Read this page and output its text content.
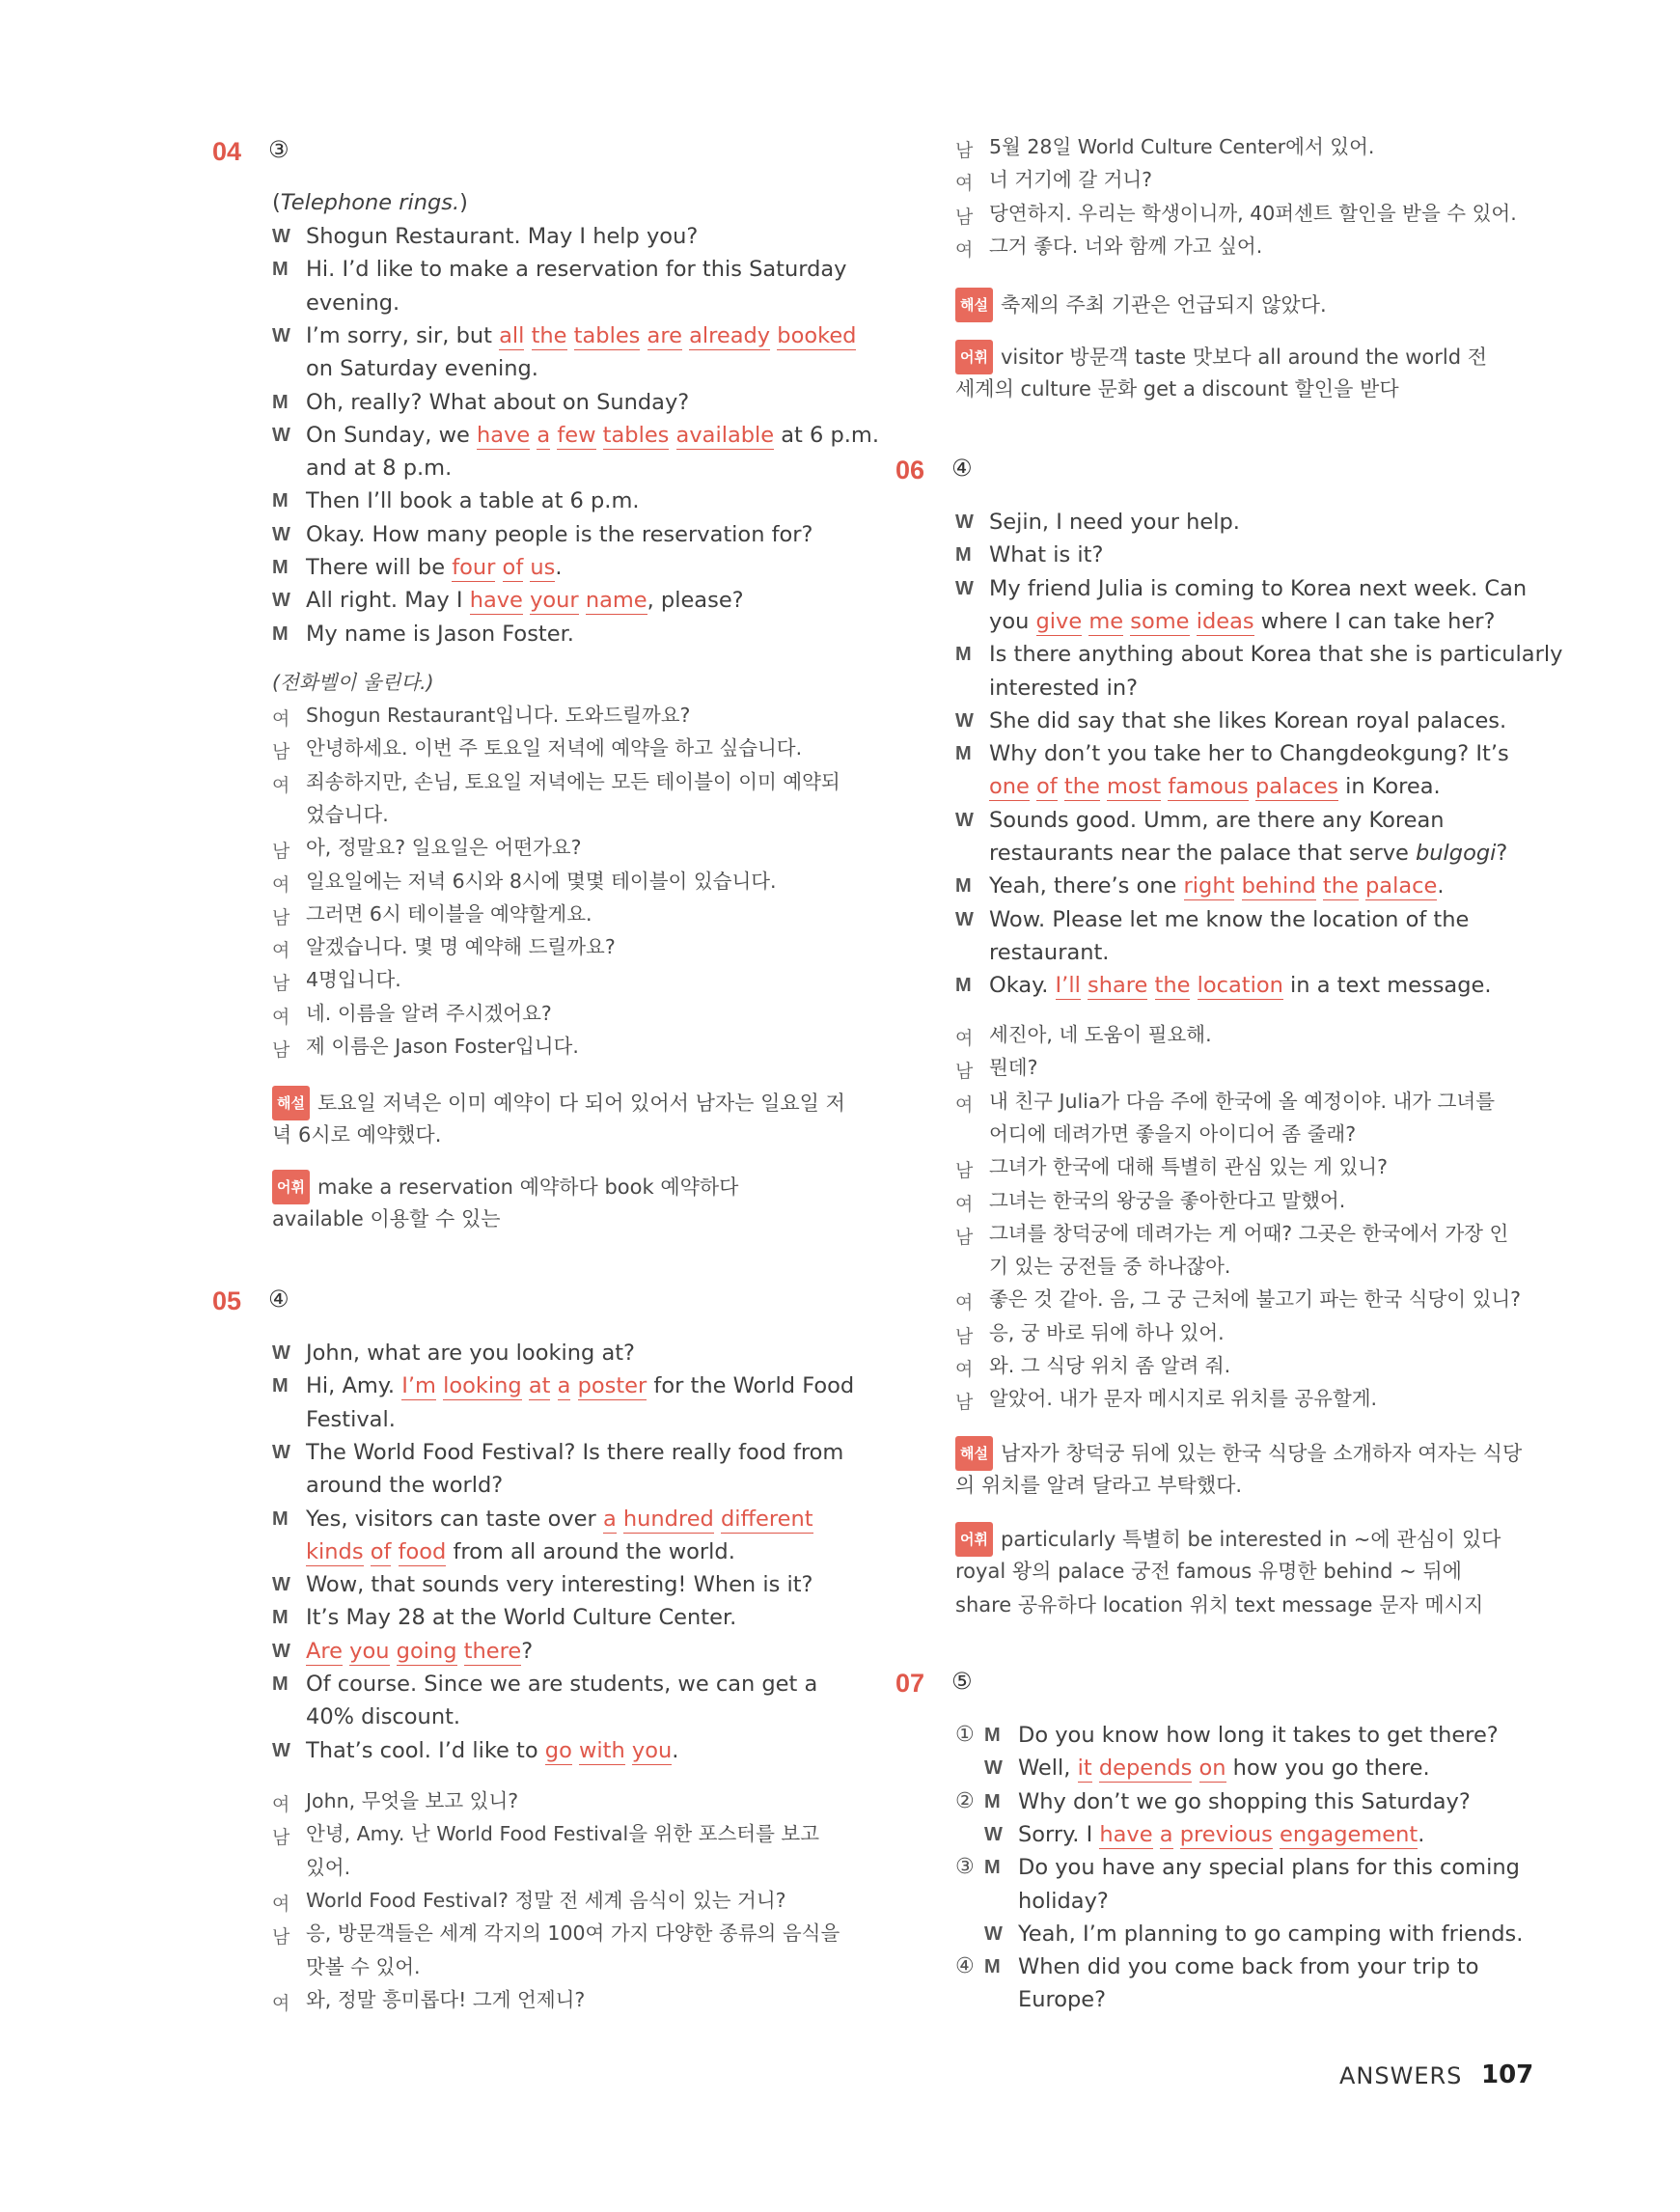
04 ③
(Telephone rings.)
W Shogun Restaurant. May I help you?
M Hi. I’d like to make a reservation for this Saturday
evening.
W I’m sorry, sir, but all the tables are already booked
on Saturday evening.
M Oh, really? What about on Sunday?
W On Sunday, we have a few tables available at 6 p.m.
and at 8 p.m.
M Then I’ll book a table at 6 p.m.
W Okay. How many people is the reservation for?
M There will be four of us.
W All right. May I have your name, please?
M My name is Jason Foster.
(전화벨이 울린다.)
여 Shogun Restaurant입니다. 도와드릴까요?
남 안녕하세요. 이번 주 토요일 저녁에 예약을 하고 싶습니다.
여 죄송하지만, 손님, 토요일 저녁에는 모든 테이블이 이미 예약되
었습니다.
남 아, 정말요? 일요일은 어떤가요?
여 일요일에는 저녁 6시와 8시에 몇몇 테이블이 있습니다.
남 그러면 6시 테이블을 예약할게요.
여 알겠습니다. 몇 명 예약해 드릴까요?
남 4명입니다.
여 네. 이름을 알려 주시겠어요?
남 제 이름은 Jason Foster입니다.
해설 토요일 저녁은 이미 예약이 다 되어 있어서 남자는 일요일 저
녁 6시로 예약했다.
어휘 make a reservation 예약하다 book 예약하다
available 이용할 수 있는
05 ④
W John, what are you looking at?
M Hi, Amy. I’m looking at a poster for the World Food
Festival.
W The World Food Festival? Is there really food from
around the world?
M Yes, visitors can taste over a hundred different
kinds of food from all around the world.
W Wow, that sounds very interesting! When is it?
M It’s May 28 at the World Culture Center.
W Are you going there?
M Of course. Since we are students, we can get a
40% discount.
W That’s cool. I’d like to go with you.
여 John, 무엇을 보고 있니?
남 안녕, Amy. 난 World Food Festival을 위한 포스터를 보고
있어.
여 World Food Festival? 정말 전 세계 음식이 있는 거니?
남 응, 방문객들은 세계 각지의 100여 가지 다양한 종류의 음식을
맛볼 수 있어.
여 와, 정말 흥미롭다! 그게 언제니?
남 5월 28일 World Culture Center에서 있어.
여 너 거기에 갈 거니?
남 당연하지. 우리는 학생이니까, 40퍼센트 할인을 받을 수 있어.
여 그거 좋다. 너와 함께 가고 싶어.
해설 축제의 주최 기관은 언급되지 않았다.
어휘 visitor 방문객 taste 맛보다 all around the world 전
세계의 culture 문화 get a discount 할인을 받다
06 ④
W Sejin, I need your help.
M What is it?
W My friend Julia is coming to Korea next week. Can
you give me some ideas where I can take her?
M Is there anything about Korea that she is particularly
interested in?
W She did say that she likes Korean royal palaces.
M Why don’t you take her to Changdeokgung? It’s
one of the most famous palaces in Korea.
W Sounds good. Umm, are there any Korean
restaurants near the palace that serve bulgogi?
M Yeah, there’s one right behind the palace.
W Wow. Please let me know the location of the
restaurant.
M Okay. I’ll share the location in a text message.
여 세진아, 네 도움이 필요해.
남 뭔데?
여 내 친구 Julia가 다음 주에 한국에 올 예정이야. 내가 그녀를
어디에 데려가면 좋을지 아이디어 좀 줄래?
남 그녀가 한국에 대해 특별히 관심 있는 게 있니?
여 그녀는 한국의 왕궁을 좋아한다고 말했어.
남 그녀를 창덕궁에 데려가는 게 어때? 그곳은 한국에서 가장 인
기 있는 궁전들 중 하나잖아.
여 좋은 것 같아. 음, 그 궁 근처에 불고기 파는 한국 식당이 있니?
남 응, 궁 바로 뒤에 하나 있어.
여 와. 그 식당 위치 좀 알려 줘.
남 알았어. 내가 문자 메시지로 위치를 공유할게.
해설 남자가 창덕궁 뒤에 있는 한국 식당을 소개하자 여자는 식당
의 위치를 알려 달라고 부탁했다.
어휘 particularly 특별히 be interested in ~에 관심이 있다
royal 왕의 palace 궁전 famous 유명한 behind ~ 뒤에
share 공유하다 location 위치 text message 문자 메시지
07 ⑤
① M Do you know how long it takes to get there?
W Well, it depends on how you go there.
② M Why don’t we go shopping this Saturday?
W Sorry. I have a previous engagement.
③ M Do you have any special plans for this coming
holiday?
W Yeah, I’m planning to go camping with friends.
④ M When did you come back from your trip to
Europe?
ANSWERS 107
